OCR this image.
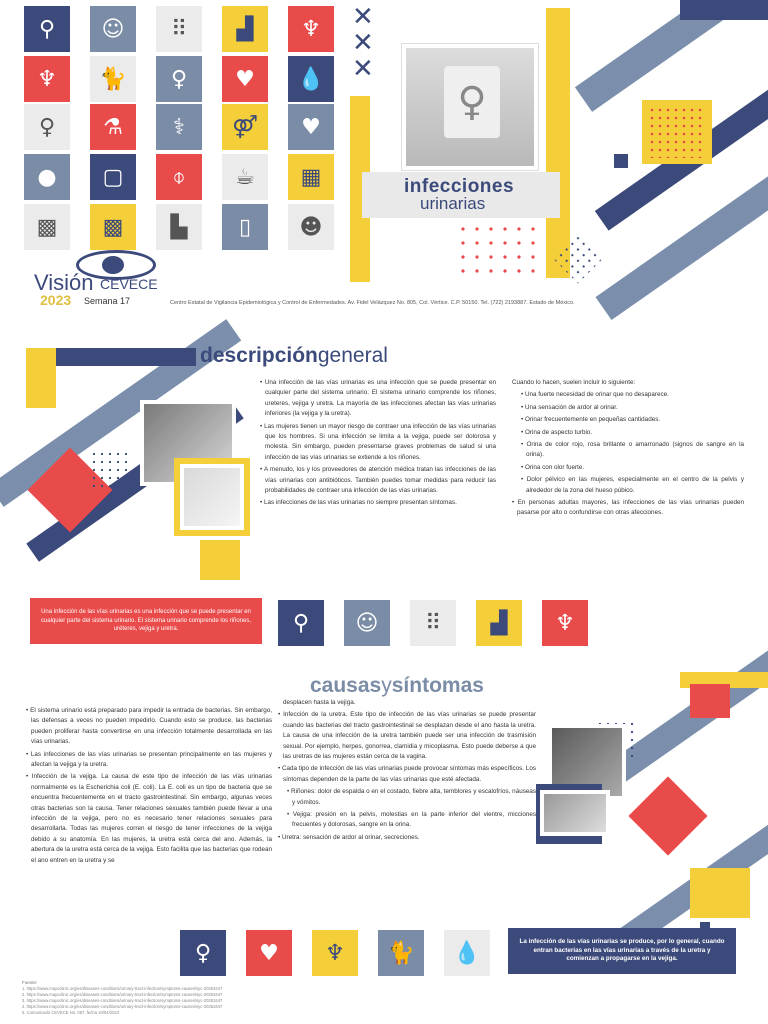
⚲	☺	⠿	▟	♆
♆	🐈	♀	♥	💧
♀	⚗	⚕	⚤	♥
●	▢	⌽	☕	▦
▩	▩	▙	▯	☻
✕
✕
✕
♀
infecciones
urinarias
Visión CEVECE
2023 Semana 17	Centro Estatal de Vigilancia Epidemiológica y Control de Enfermedades. Av. Fidel Velázquez No. 805, Col. Vértice. C.P. 50150. Tel. (722) 2193887. Estado de México.
descripcióngeneral

• Una infección de las vías urinarias es una infección que se puede presentar en cualquier parte del sistema urinario. El sistema urinario comprende los riñones, ureteres, vejiga y uretra. La mayoría de las infecciones afectan las vías urinarias inferiores (la vejiga y la uretra).

• Las mujeres tienen un mayor riesgo de contraer una infección de las vías urinarias que los hombres. Si una infección se limita a la vejiga, puede ser dolorosa y molesta. Sin embargo, pueden presentarse graves problemas de salud si una infección de las vías urinarias se extiende a los riñones.

• A menudo, los y los proveedores de atención médica tratan las infecciones de las vías urinarias con antibióticos. También puedes tomar medidas para reducir las probabilidades de contraer una infección de las vías urinarias.

• Las infecciones de las vías urinarias no siempre presentan síntomas.

Cuando lo hacen, suelen incluir lo siguiente:

• Una fuerte necesidad de orinar que no desaparece.

• Una sensación de ardor al orinar.

• Orinar frecuentemente en pequeñas cantidades.

• Orina de aspecto turbio.

• Orina de color rojo, rosa brillante o amarronado (signos de sangre en la orina).

• Orina con olor fuerte.

• Dolor pélvico en las mujeres, especialmente en el centro de la pelvis y alrededor de la zona del hueso púbico.

• En personas adultas mayores, las infecciones de las vías urinarias pueden pasarse por alto o confundirse con otras afecciones.

Una infección de las vías urinarias es una infección que se puede presentar en cualquier parte del sistema urinario. El sistema urinario comprende los riñones, uréteres, vejiga y uretra.	⚲	☺	⠿	▟	♆
causasysíntomas

• El sistema urinario está preparado para impedir la entrada de bacterias. Sin embargo, las defensas a veces no pueden impedirlo. Cuando esto se produce, las bacterias pueden proliferar hasta convertirse en una infección totalmente desarrollada en las vías urinarias.

• Las infecciones de las vías urinarias se presentan principalmente en las mujeres y afectan la vejiga y la uretra.

• Infección de la vejiga. La causa de este tipo de infección de las vías urinarias normalmente es la Escherichia coli (E. coli). La E. coli es un tipo de bacteria que se encuentra frecuentemente en el tracto gastrointestinal. Sin embargo, algunas veces otras bacterias son la causa. Tener relaciones sexuales también puede llevar a una infección de la vejiga, pero no es necesario tener relaciones sexuales para desarrollarla. Todas las mujeres corren el riesgo de tener infecciones de la vejiga debido a su anatomía. En las mujeres, la uretra está cerca del ano. Además, la abertura de la uretra está cerca de la vejiga. Esto facilita que las bacterias que rodean el ano entren en la uretra y se

desplacen hasta la vejiga.

• Infección de la uretra. Este tipo de infección de las vías urinarias se puede presentar cuando las bacterias del tracto gastrointestinal se desplazan desde el ano hasta la uretra. La causa de una infección de la uretra también puede ser una infección de trasmisión sexual. Por ejemplo, herpes, gonorrea, clamidia y micoplasma. Esto puede deberse a que las uretras de las mujeres están cerca de la vagina.

• Cada tipo de infección de las vías urinarias puede provocar síntomas más específicos. Los síntomas dependen de la parte de las vías urinarias que esté afectada.

• Riñones: dolor de espalda o en el costado, fiebre alta, temblores y escalofríos, náuseas y vómitos.

• Vejiga: presión en la pelvis, molestias en la parte inferior del vientre, micciones frecuentes y dolorosas, sangre en la orina.

• Uretra: sensación de ardor al orinar, secreciones.

♀	♥	♆	🐈	💧	La infección de las vías urinarias se produce, por lo general, cuando entran bacterias en las vías urinarias a través de la uretra y comienzan a propagarse en la vejiga.
Fuente:
1. https://www.mayoclinic.org/es/diseases-conditions/urinary-tract-infection/symptoms-causes/syc-20353447
2. https://www.mayoclinic.org/es/diseases-conditions/urinary-tract-infection/symptoms-causes/syc-20353447
3. https://www.mayoclinic.org/es/diseases-conditions/urinary-tract-infection/symptoms-causes/syc-20353447
4. https://www.mayoclinic.org/es/diseases-conditions/urinary-tract-infection/symptoms-causes/syc-20353447
5. Comunicado CEVECE No. 067, fecha 10/04/2023
